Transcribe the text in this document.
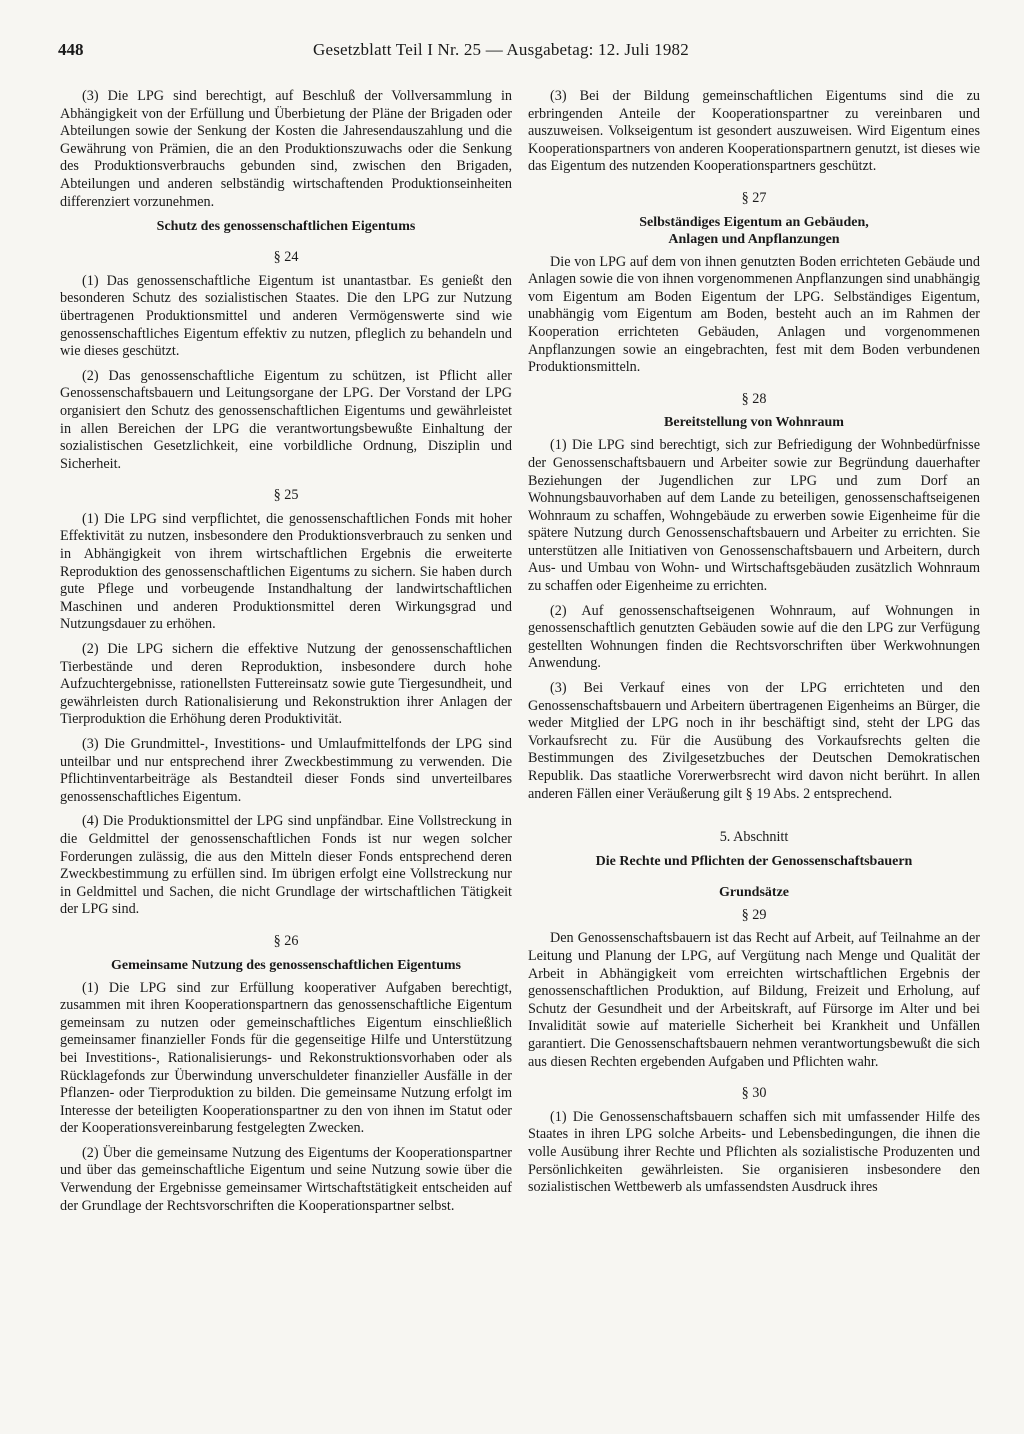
448	Gesetzblatt Teil I Nr. 25 — Ausgabetag: 12. Juli 1982

(3) Die LPG sind berechtigt, auf Beschluß der Vollversammlung in Abhängigkeit von der Erfüllung und Überbietung der Pläne der Brigaden oder Abteilungen sowie der Senkung der Kosten die Jahresendauszahlung und die Gewährung von Prämien, die an den Produktionszuwachs oder die Senkung des Produktionsverbrauchs gebunden sind, zwischen den Brigaden, Abteilungen und anderen selbständig wirtschaftenden Produktionseinheiten differenziert vorzunehmen.

Schutz des genossenschaftlichen Eigentums
§ 24

(1) Das genossenschaftliche Eigentum ist unantastbar. Es genießt den besonderen Schutz des sozialistischen Staates. Die den LPG zur Nutzung übertragenen Produktionsmittel und anderen Vermögenswerte sind wie genossenschaftliches Eigentum effektiv zu nutzen, pfleglich zu behandeln und wie dieses geschützt.

(2) Das genossenschaftliche Eigentum zu schützen, ist Pflicht aller Genossenschaftsbauern und Leitungsorgane der LPG. Der Vorstand der LPG organisiert den Schutz des genossenschaftlichen Eigentums und gewährleistet in allen Bereichen der LPG die verantwortungsbewußte Einhaltung der sozialistischen Gesetzlichkeit, eine vorbildliche Ordnung, Disziplin und Sicherheit.

§ 25

(1) Die LPG sind verpflichtet, die genossenschaftlichen Fonds mit hoher Effektivität zu nutzen, insbesondere den Produktionsverbrauch zu senken und in Abhängigkeit von ihrem wirtschaftlichen Ergebnis die erweiterte Reproduktion des genossenschaftlichen Eigentums zu sichern. Sie haben durch gute Pflege und vorbeugende Instandhaltung der landwirtschaftlichen Maschinen und anderen Produktionsmittel deren Wirkungsgrad und Nutzungsdauer zu erhöhen.

(2) Die LPG sichern die effektive Nutzung der genossenschaftlichen Tierbestände und deren Reproduktion, insbesondere durch hohe Aufzuchtergebnisse, rationellsten Futtereinsatz sowie gute Tiergesundheit, und gewährleisten durch Rationalisierung und Rekonstruktion ihrer Anlagen der Tierproduktion die Erhöhung deren Produktivität.

(3) Die Grundmittel-, Investitions- und Umlaufmittelfonds der LPG sind unteilbar und nur entsprechend ihrer Zweckbestimmung zu verwenden. Die Pflichtinventarbeiträge als Bestandteil dieser Fonds sind unverteilbares genossenschaftliches Eigentum.

(4) Die Produktionsmittel der LPG sind unpfändbar. Eine Vollstreckung in die Geldmittel der genossenschaftlichen Fonds ist nur wegen solcher Forderungen zulässig, die aus den Mitteln dieser Fonds entsprechend deren Zweckbestimmung zu erfüllen sind. Im übrigen erfolgt eine Vollstreckung nur in Geldmittel und Sachen, die nicht Grundlage der wirtschaftlichen Tätigkeit der LPG sind.

§ 26
Gemeinsame Nutzung des genossenschaftlichen Eigentums

(1) Die LPG sind zur Erfüllung kooperativer Aufgaben berechtigt, zusammen mit ihren Kooperationspartnern das genossenschaftliche Eigentum gemeinsam zu nutzen oder gemeinschaftliches Eigentum einschließlich gemeinsamer finanzieller Fonds für die gegenseitige Hilfe und Unterstützung bei Investitions-, Rationalisierungs- und Rekonstruktionsvorhaben oder als Rücklagefonds zur Überwindung unverschuldeter finanzieller Ausfälle in der Pflanzen- oder Tierproduktion zu bilden. Die gemeinsame Nutzung erfolgt im Interesse der beteiligten Kooperationspartner zu den von ihnen im Statut oder der Kooperationsvereinbarung festgelegten Zwecken.

(2) Über die gemeinsame Nutzung des Eigentums der Kooperationspartner und über das gemeinschaftliche Eigentum und seine Nutzung sowie über die Verwendung der Ergebnisse gemeinsamer Wirtschaftstätigkeit entscheiden auf der Grundlage der Rechtsvorschriften die Kooperationspartner selbst.

(3) Bei der Bildung gemeinschaftlichen Eigentums sind die zu erbringenden Anteile der Kooperationspartner zu vereinbaren und auszuweisen. Volkseigentum ist gesondert auszuweisen. Wird Eigentum eines Kooperationspartners von anderen Kooperationspartnern genutzt, ist dieses wie das Eigentum des nutzenden Kooperationspartners geschützt.

§ 27
Selbständiges Eigentum an Gebäuden,
Anlagen und Anpflanzungen

Die von LPG auf dem von ihnen genutzten Boden errichteten Gebäude und Anlagen sowie die von ihnen vorgenommenen Anpflanzungen sind unabhängig vom Eigentum am Boden Eigentum der LPG. Selbständiges Eigentum, unabhängig vom Eigentum am Boden, besteht auch an im Rahmen der Kooperation errichteten Gebäuden, Anlagen und vorgenommenen Anpflanzungen sowie an eingebrachten, fest mit dem Boden verbundenen Produktionsmitteln.

§ 28
Bereitstellung von Wohnraum

(1) Die LPG sind berechtigt, sich zur Befriedigung der Wohnbedürfnisse der Genossenschaftsbauern und Arbeiter sowie zur Begründung dauerhafter Beziehungen der Jugendlichen zur LPG und zum Dorf an Wohnungsbauvorhaben auf dem Lande zu beteiligen, genossenschaftseigenen Wohnraum zu schaffen, Wohngebäude zu erwerben sowie Eigenheime für die spätere Nutzung durch Genossenschaftsbauern und Arbeiter zu errichten. Sie unterstützen alle Initiativen von Genossenschaftsbauern und Arbeitern, durch Aus- und Umbau von Wohn- und Wirtschaftsgebäuden zusätzlich Wohnraum zu schaffen oder Eigenheime zu errichten.

(2) Auf genossenschaftseigenen Wohnraum, auf Wohnungen in genossenschaftlich genutzten Gebäuden sowie auf die den LPG zur Verfügung gestellten Wohnungen finden die Rechtsvorschriften über Werkwohnungen Anwendung.

(3) Bei Verkauf eines von der LPG errichteten und den Genossenschaftsbauern und Arbeitern übertragenen Eigenheims an Bürger, die weder Mitglied der LPG noch in ihr beschäftigt sind, steht der LPG das Vorkaufsrecht zu. Für die Ausübung des Vorkaufsrechts gelten die Bestimmungen des Zivilgesetzbuches der Deutschen Demokratischen Republik. Das staatliche Vorerwerbsrecht wird davon nicht berührt. In allen anderen Fällen einer Veräußerung gilt § 19 Abs. 2 entsprechend.

5. Abschnitt
Die Rechte und Pflichten der Genossenschaftsbauern
Grundsätze
§ 29

Den Genossenschaftsbauern ist das Recht auf Arbeit, auf Teilnahme an der Leitung und Planung der LPG, auf Vergütung nach Menge und Qualität der Arbeit in Abhängigkeit vom erreichten wirtschaftlichen Ergebnis der genossenschaftlichen Produktion, auf Bildung, Freizeit und Erholung, auf Schutz der Gesundheit und der Arbeitskraft, auf Fürsorge im Alter und bei Invalidität sowie auf materielle Sicherheit bei Krankheit und Unfällen garantiert. Die Genossenschaftsbauern nehmen verantwortungsbewußt die sich aus diesen Rechten ergebenden Aufgaben und Pflichten wahr.

§ 30

(1) Die Genossenschaftsbauern schaffen sich mit umfassender Hilfe des Staates in ihren LPG solche Arbeits- und Lebensbedingungen, die ihnen die volle Ausübung ihrer Rechte und Pflichten als sozialistische Produzenten und Persönlichkeiten gewährleisten. Sie organisieren insbesondere den sozialistischen Wettbewerb als umfassendsten Ausdruck ihres
